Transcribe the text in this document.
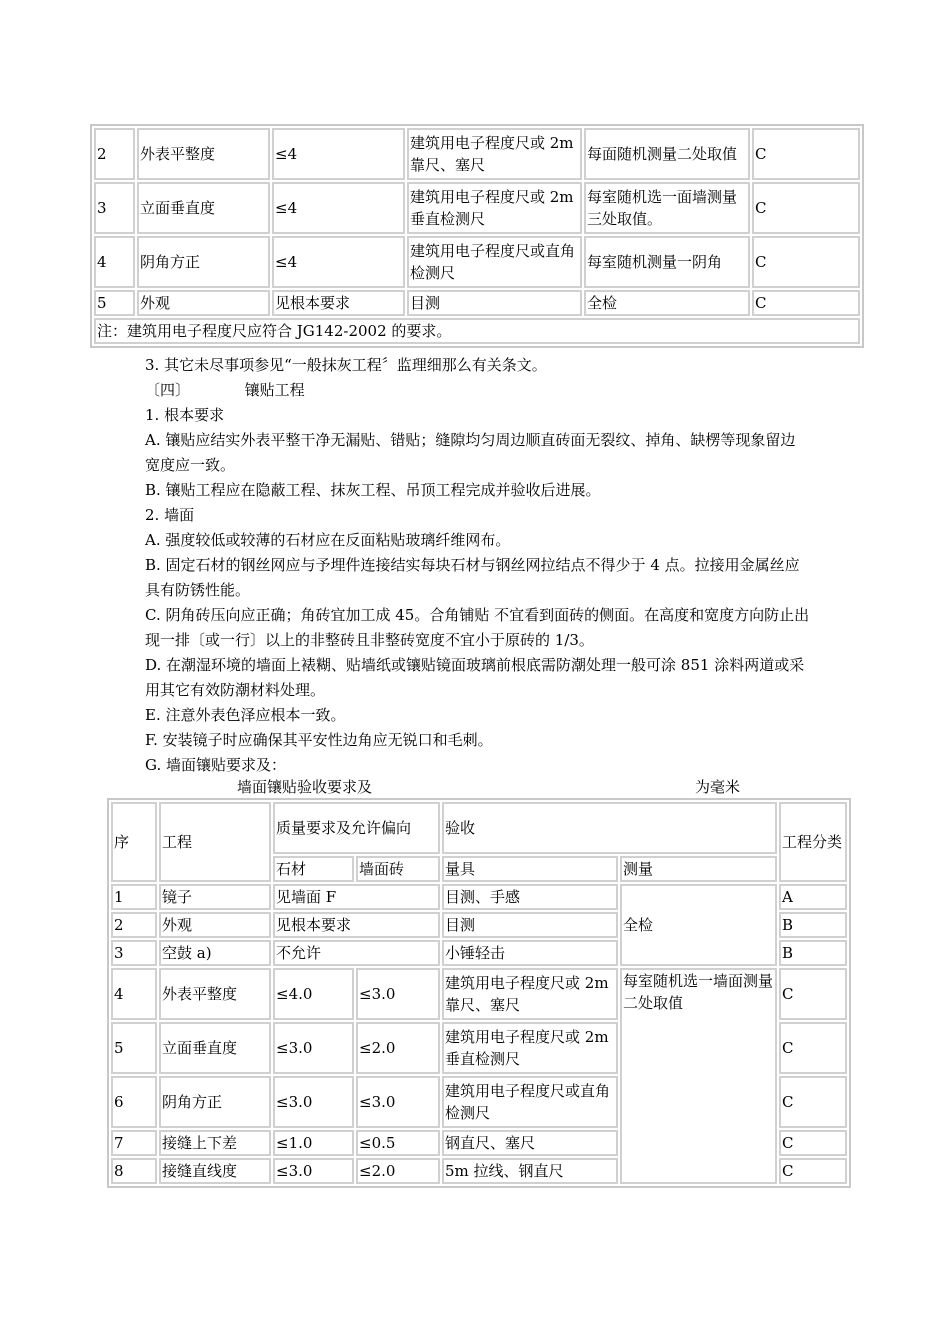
2	外表平整度	≤4	建筑用电子程度尺或 2m 靠尺、塞尺	每面随机测量二处取值	C
3	立面垂直度	≤4	建筑用电子程度尺或 2m 垂直检测尺	每室随机选一面墙测量三处取值。	C
4	阴角方正	≤4	建筑用电子程度尺或直角检测尺	每室随机测量一阴角	C
5	外观	见根本要求	目测	全检	C
注：建筑用电子程度尺应符合 JG142-2002 的要求。					
3. 其它未尽事项参见“一般抹灰工程〞监理细那么有关条文。
〔四〕	镶贴工程
1. 根本要求
A. 镶贴应结实外表平整干净无漏贴、错贴；缝隙均匀周边顺直砖面无裂纹、掉角、缺楞等现象留边宽度应一致。
B. 镶贴工程应在隐蔽工程、抹灰工程、吊顶工程完成并验收后进展。
2. 墙面
A. 强度较低或较薄的石材应在反面粘贴玻璃纤维网布。
B. 固定石材的钢丝网应与予埋件连接结实每块石材与钢丝网拉结点不得少于 4 点。拉接用金属丝应具有防锈性能。
C. 阴角砖压向应正确；角砖宜加工成 45。合角铺贴 不宜看到面砖的侧面。在高度和宽度方向防止出现一排〔或一行〕以上的非整砖且非整砖宽度不宜小于原砖的 1/3。
D. 在潮湿环境的墙面上裱糊、贴墙纸或镶贴镜面玻璃前根底需防潮处理一般可涂 851 涂料两道或采用其它有效防潮材料处理。
E. 注意外表色泽应根本一致。
F. 安装镜子时应确保其平安性边角应无锐口和毛刺。
G. 墙面镶贴要求及：
墙面镶贴验收要求及	为毫米
序	工程	质量要求及允许偏向		验收		工程分类
		石材	墙面砖	量具	测量	
1	镜子	见墙面 F		目测、手感	全检	A
2	外观	见根本要求		目测		B
3	空鼓 a)	不允许		小锤轻击		B
4	外表平整度	≤4.0	≤3.0	建筑用电子程度尺或 2m 靠尺、塞尺	每室随机选一墙面测量二处取值	C
5	立面垂直度	≤3.0	≤2.0	建筑用电子程度尺或 2m 垂直检测尺		C
6	阴角方正	≤3.0	≤3.0	建筑用电子程度尺或直角检测尺		C
7	接缝上下差	≤1.0	≤0.5	钢直尺、塞尺		C
8	接缝直线度	≤3.0	≤2.0	5m 拉线、钢直尺		C
